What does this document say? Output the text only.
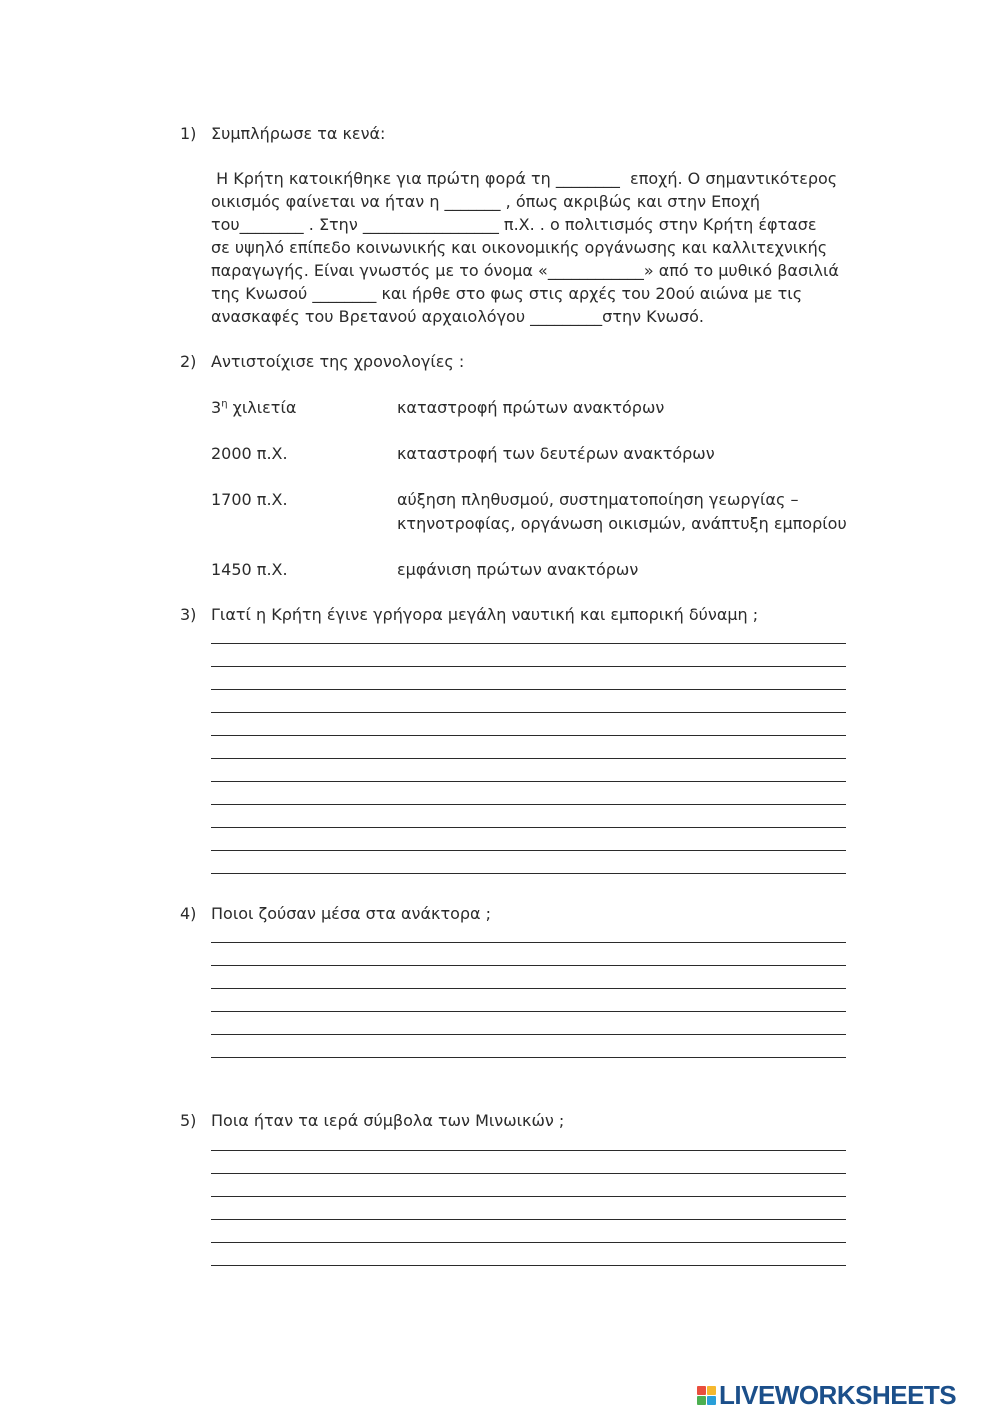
1) Συμπλήρωσε τα κενά:
Η Κρήτη κατοικήθηκε για πρώτη φορά τη ________  εποχή. Ο σημαντικότερος
οικισμός φαίνεται να ήταν η _______ , όπως ακριβώς και στην Εποχή
του________ . Στην _________________ π.Χ. . ο πολιτισμός στην Κρήτη έφτασε
σε υψηλό επίπεδο κοινωνικής και οικονομικής οργάνωσης και καλλιτεχνικής
παραγωγής. Είναι γνωστός με το όνομα «____________» από το μυθικό βασιλιά
της Κνωσού ________ και ήρθε στο φως στις αρχές του 20ού αιώνα με τις
ανασκαφές του Βρετανού αρχαιολόγου _________στην Κνωσό.
2) Αντιστοίχισε της χρονολογίες :
$3^\eta$ χιλιετία	καταστροφή πρώτων ανακτόρων
2000 π.Χ.	καταστροφή των δευτέρων ανακτόρων
1700 π.Χ.	αύξηση πληθυσμού, συστηματοποίηση γεωργίας –
κτηνοτροφίας, οργάνωση οικισμών, ανάπτυξη εμπορίου
1450 π.Χ.	εμφάνιση πρώτων ανακτόρων
3) Γιατί η Κρήτη έγινε γρήγορα μεγάλη ναυτική και εμπορική δύναμη ;
4) Ποιοι ζούσαν μέσα στα ανάκτορα ;
5) Ποια ήταν τα ιερά σύμβολα των Μινωικών ;
LIVEWORKSHEETS
